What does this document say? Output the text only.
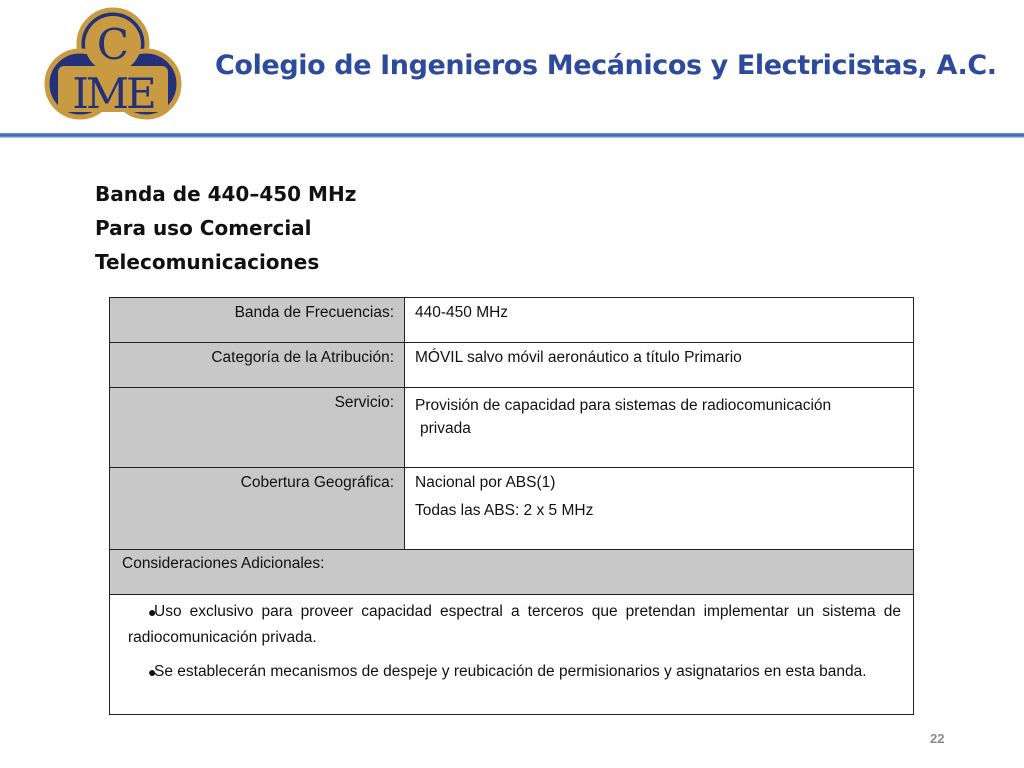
C
IME
Colegio de Ingenieros Mecánicos y Electricistas, A.C.
Banda de 440–450 MHz
Para uso Comercial
Telecomunicaciones
Banda de Frecuencias:	440-450 MHz
Categoría de la Atribución:	MÓVIL salvo móvil aeronáutico a título Primario
Servicio:	Provisión de capacidad para sistemas de radiocomunicación
privada

Cobertura Geográfica:	Nacional por ABS(1)
Todas las ABS: 2 x 5 MHz

Consideraciones Adicionales:	

●
Uso exclusivo para proveer capacidad espectral a terceros que pretendan implementar un sistema de radiocomunicación privada.
●
Se establecerán mecanismos de despeje y reubicación de permisionarios y asignatarios en esta banda.	
22
